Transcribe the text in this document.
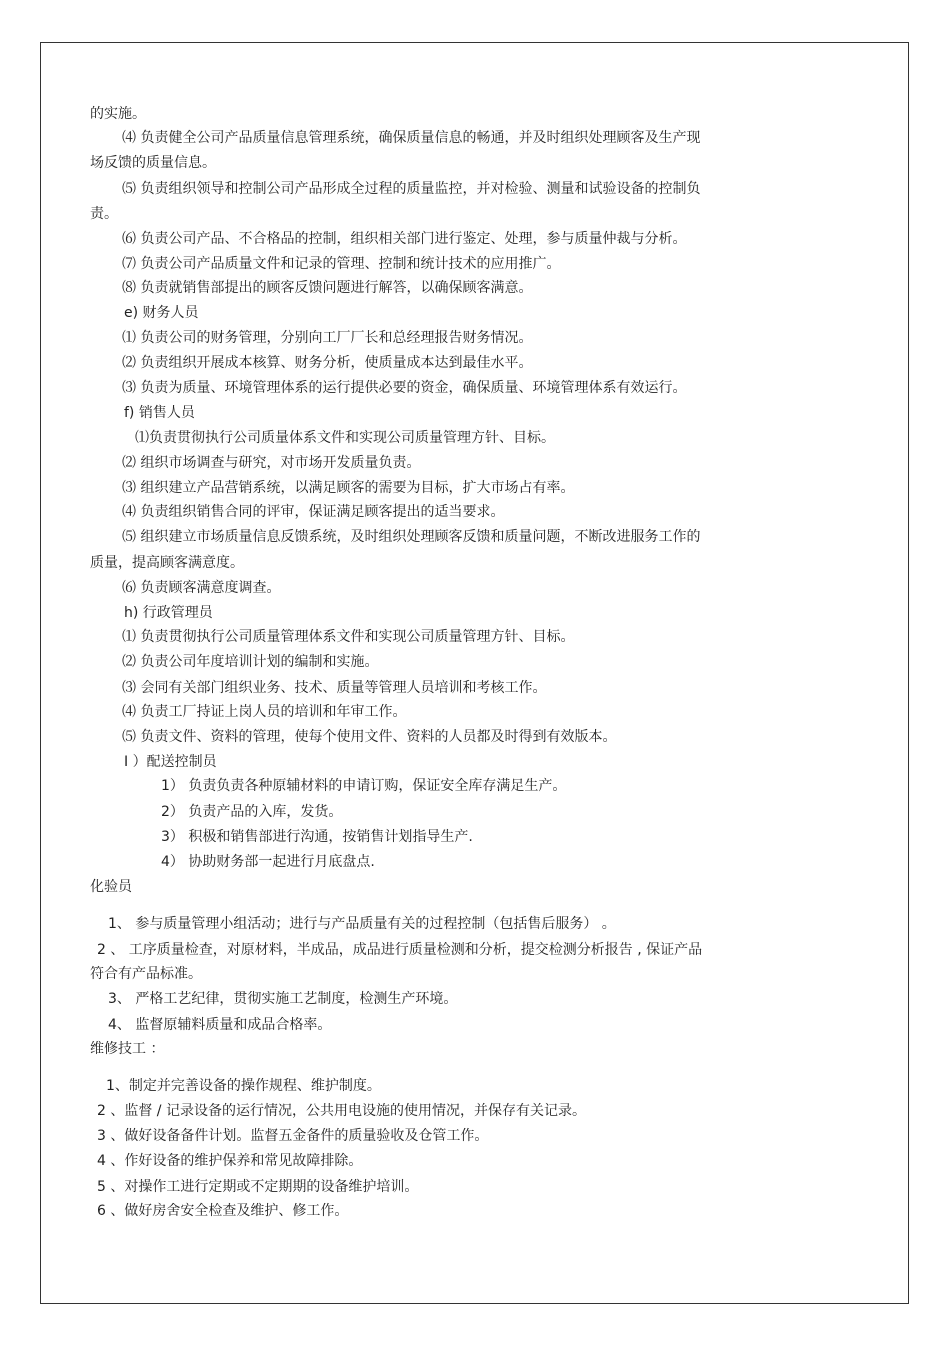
的实施。
⑷ 负责健全公司产品质量信息管理系统，确保质量信息的畅通，并及时组织处理顾客及生产现
场反馈的质量信息。
⑸ 负责组织领导和控制公司产品形成全过程的质量监控，并对检验、测量和试验设备的控制负
责。
⑹ 负责公司产品、不合格品的控制，组织相关部门进行鉴定、处理，参与质量仲裁与分析。
⑺ 负责公司产品质量文件和记录的管理、控制和统计技术的应用推广。
⑻ 负责就销售部提出的顾客反馈问题进行解答，以确保顾客满意。
e) 财务人员
⑴ 负责公司的财务管理，分别向工厂厂长和总经理报告财务情况。
⑵ 负责组织开展成本核算、财务分析，使质量成本达到最佳水平。
⑶ 负责为质量、环境管理体系的运行提供必要的资金，确保质量、环境管理体系有效运行。
f) 销售人员
⑴负责贯彻执行公司质量体系文件和实现公司质量管理方针、目标。
⑵ 组织市场调查与研究，对市场开发质量负责。
⑶ 组织建立产品营销系统，以满足顾客的需要为目标，扩大市场占有率。
⑷ 负责组织销售合同的评审，保证满足顾客提出的适当要求。
⑸ 组织建立市场质量信息反馈系统，及时组织处理顾客反馈和质量问题，不断改进服务工作的
质量，提高顾客满意度。
⑹ 负责顾客满意度调查。
h) 行政管理员
⑴ 负责贯彻执行公司质量管理体系文件和实现公司质量管理方针、目标。
⑵ 负责公司年度培训计划的编制和实施。
⑶ 会同有关部门组织业务、技术、质量等管理人员培训和考核工作。
⑷ 负责工厂持证上岗人员的培训和年审工作。
⑸ 负责文件、资料的管理，使每个使用文件、资料的人员都及时得到有效版本。
I ）配送控制员
1） 负责负责各种原辅材料的申请订购，保证安全库存满足生产。
2） 负责产品的入库，发货。
3） 积极和销售部进行沟通，按销售计划指导生产.
4） 协助财务部一起进行月底盘点.
化验员
1、 参与质量管理小组活动；进行与产品质量有关的过程控制（包括售后服务） 。
2 、 工序质量检查，对原材料，半成品，成品进行质量检测和分析，提交检测分析报告 , 保证产品
符合有产品标准。
3、 严格工艺纪律，贯彻实施工艺制度，检测生产环境。
4、 监督原辅料质量和成品合格率。
维修技工 ：
1、制定并完善设备的操作规程、维护制度。
2 、监督 / 记录设备的运行情况，公共用电设施的使用情况，并保存有关记录。
3 、做好设备备件计划。监督五金备件的质量验收及仓管工作。
4 、作好设备的维护保养和常见故障排除。
5 、对操作工进行定期或不定期期的设备维护培训。
6 、做好房舍安全检查及维护、修工作。
